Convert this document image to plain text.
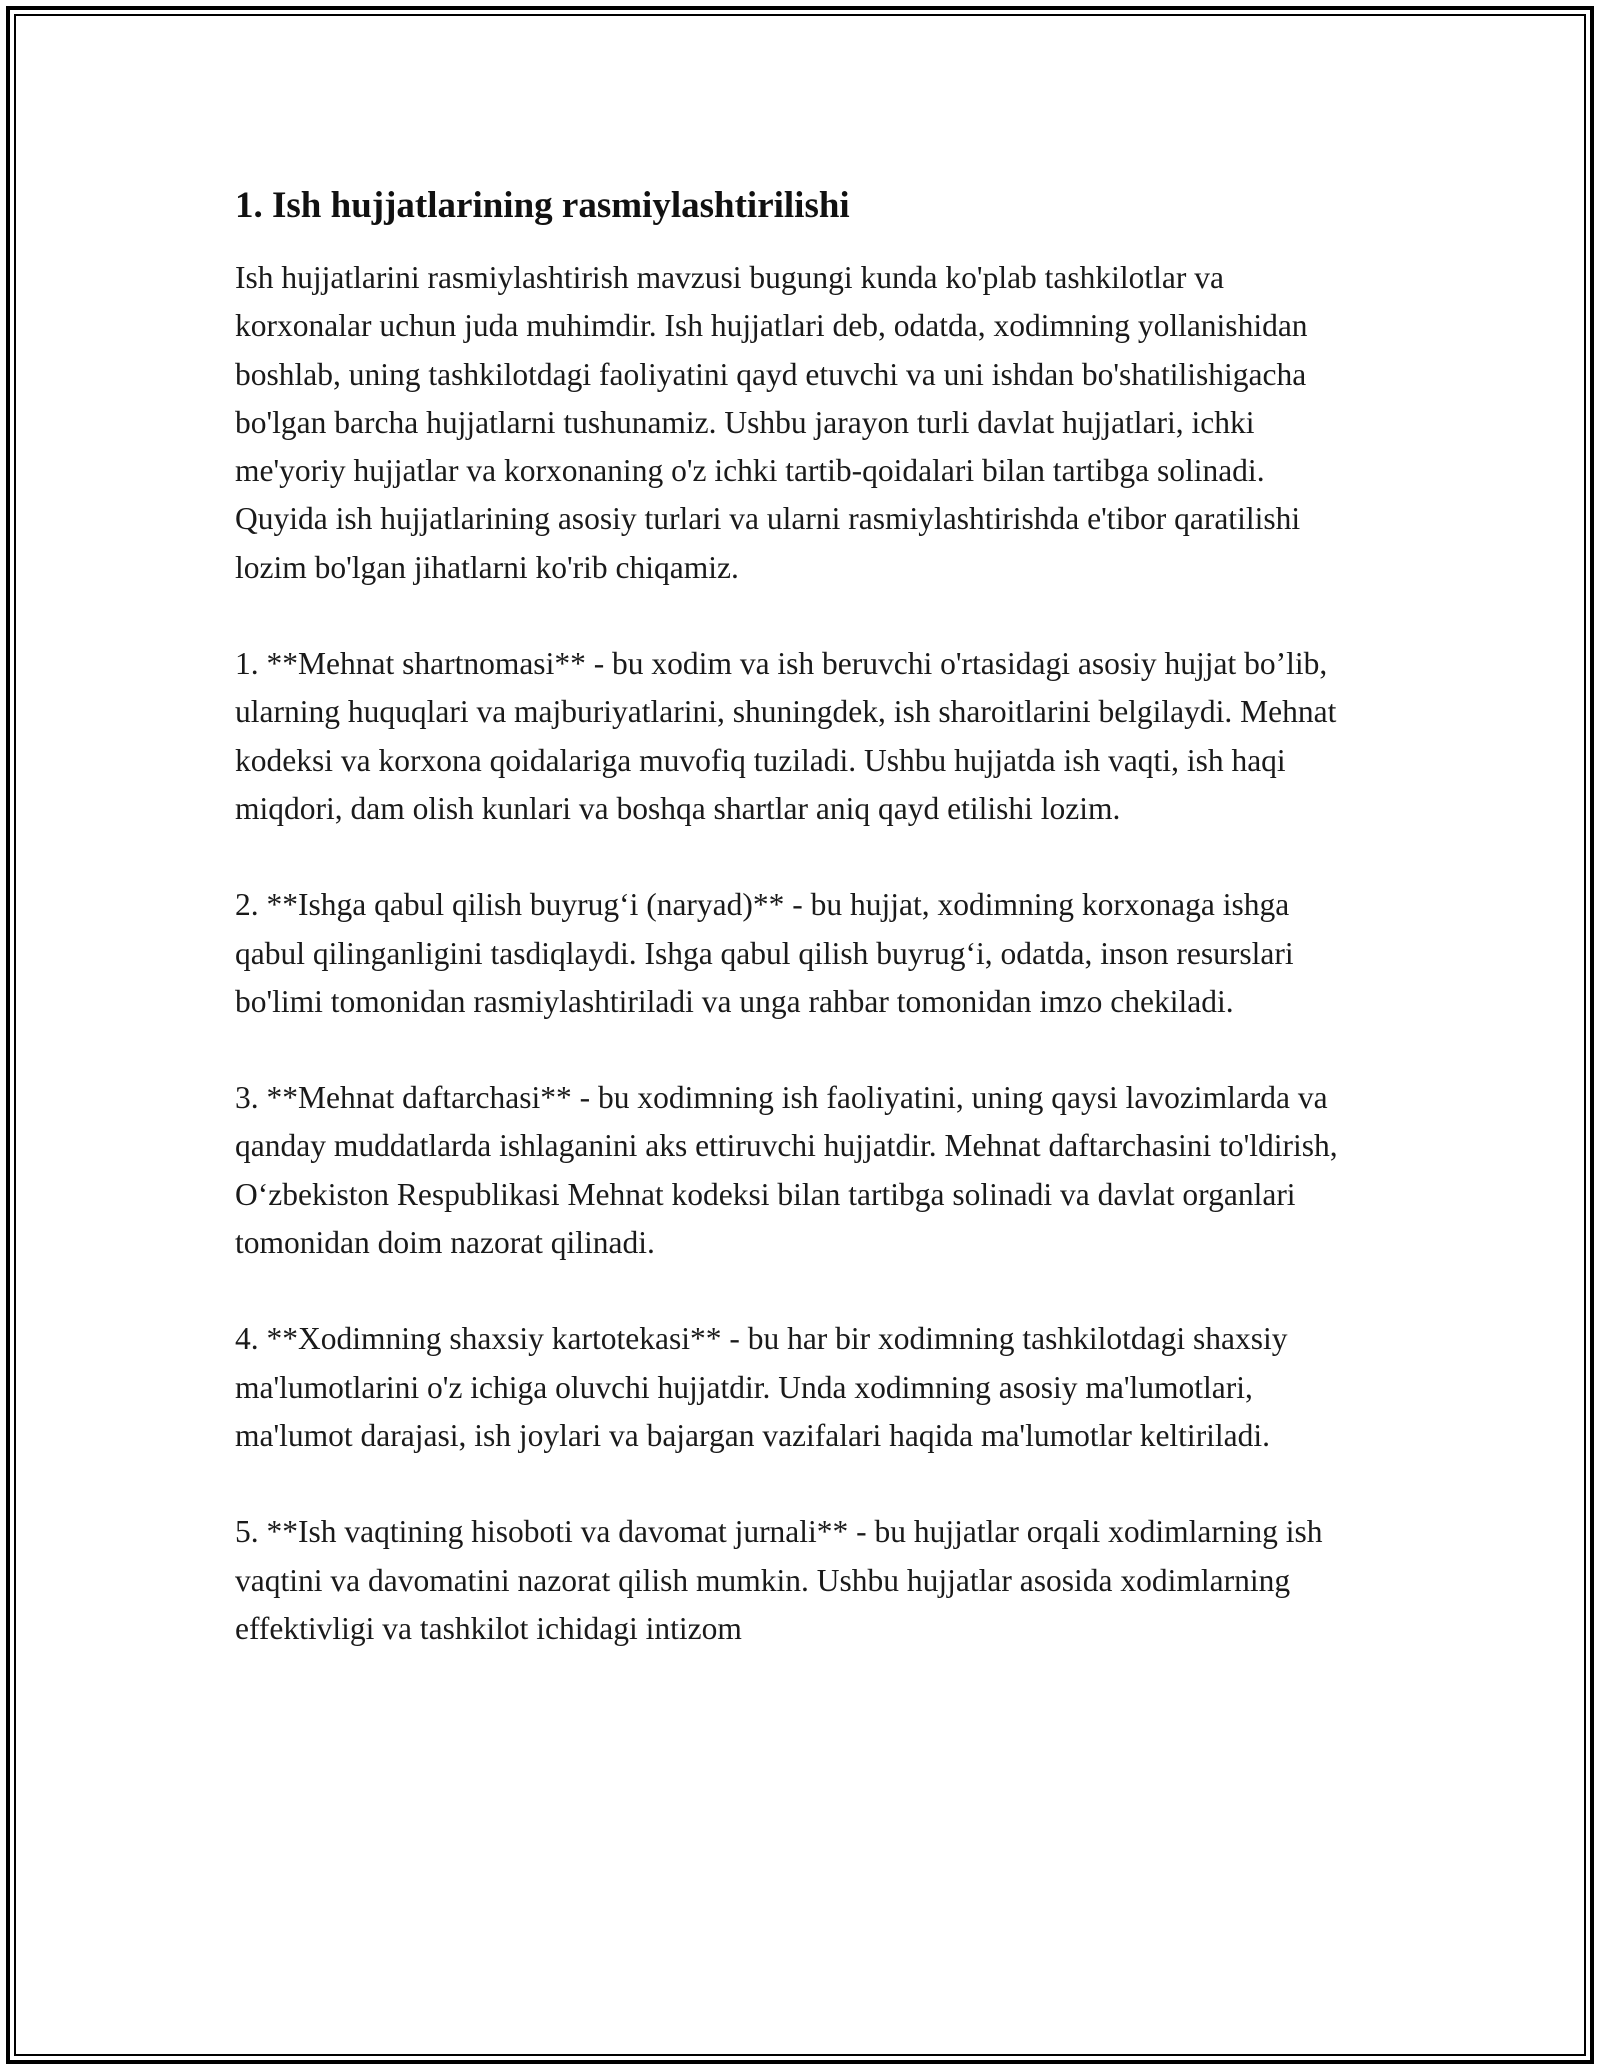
1. Ish hujjatlarining rasmiylashtirilishi

Ish hujjatlarini rasmiylashtirish mavzusi bugungi kunda ko'plab tashkilotlar va korxonalar uchun juda muhimdir. Ish hujjatlari deb, odatda, xodimning yollanishidan boshlab, uning tashkilotdagi faoliyatini qayd etuvchi va uni ishdan bo'shatilishigacha bo'lgan barcha hujjatlarni tushunamiz. Ushbu jarayon turli davlat hujjatlari, ichki me'yoriy hujjatlar va korxonaning o'z ichki tartib-qoidalari bilan tartibga solinadi. Quyida ish hujjatlarining asosiy turlari va ularni rasmiylashtirishda e'tibor qaratilishi lozim bo'lgan jihatlarni ko'rib chiqamiz.

1. **Mehnat shartnomasi** - bu xodim va ish beruvchi o'rtasidagi asosiy hujjat bo’lib, ularning huquqlari va majburiyatlarini, shuningdek, ish sharoitlarini belgilaydi. Mehnat kodeksi va korxona qoidalariga muvofiq tuziladi. Ushbu hujjatda ish vaqti, ish haqi miqdori, dam olish kunlari va boshqa shartlar aniq qayd etilishi lozim.

2. **Ishga qabul qilish buyrug‘i (naryad)** - bu hujjat, xodimning korxonaga ishga qabul qilinganligini tasdiqlaydi. Ishga qabul qilish buyrug‘i, odatda, inson resurslari bo'limi tomonidan rasmiylashtiriladi va unga rahbar tomonidan imzo chekiladi.

3. **Mehnat daftarchasi** - bu xodimning ish faoliyatini, uning qaysi lavozimlarda va qanday muddatlarda ishlaganini aks ettiruvchi hujjatdir. Mehnat daftarchasini to'ldirish, O‘zbekiston Respublikasi Mehnat kodeksi bilan tartibga solinadi va davlat organlari tomonidan doim nazorat qilinadi.

4. **Xodimning shaxsiy kartotekasi** - bu har bir xodimning tashkilotdagi shaxsiy ma'lumotlarini o'z ichiga oluvchi hujjatdir. Unda xodimning asosiy ma'lumotlari, ma'lumot darajasi, ish joylari va bajargan vazifalari haqida ma'lumotlar keltiriladi.

5. **Ish vaqtining hisoboti va davomat jurnali** - bu hujjatlar orqali xodimlarning ish vaqtini va davomatini nazorat qilish mumkin. Ushbu hujjatlar asosida xodimlarning effektivligi va tashkilot ichidagi intizom
